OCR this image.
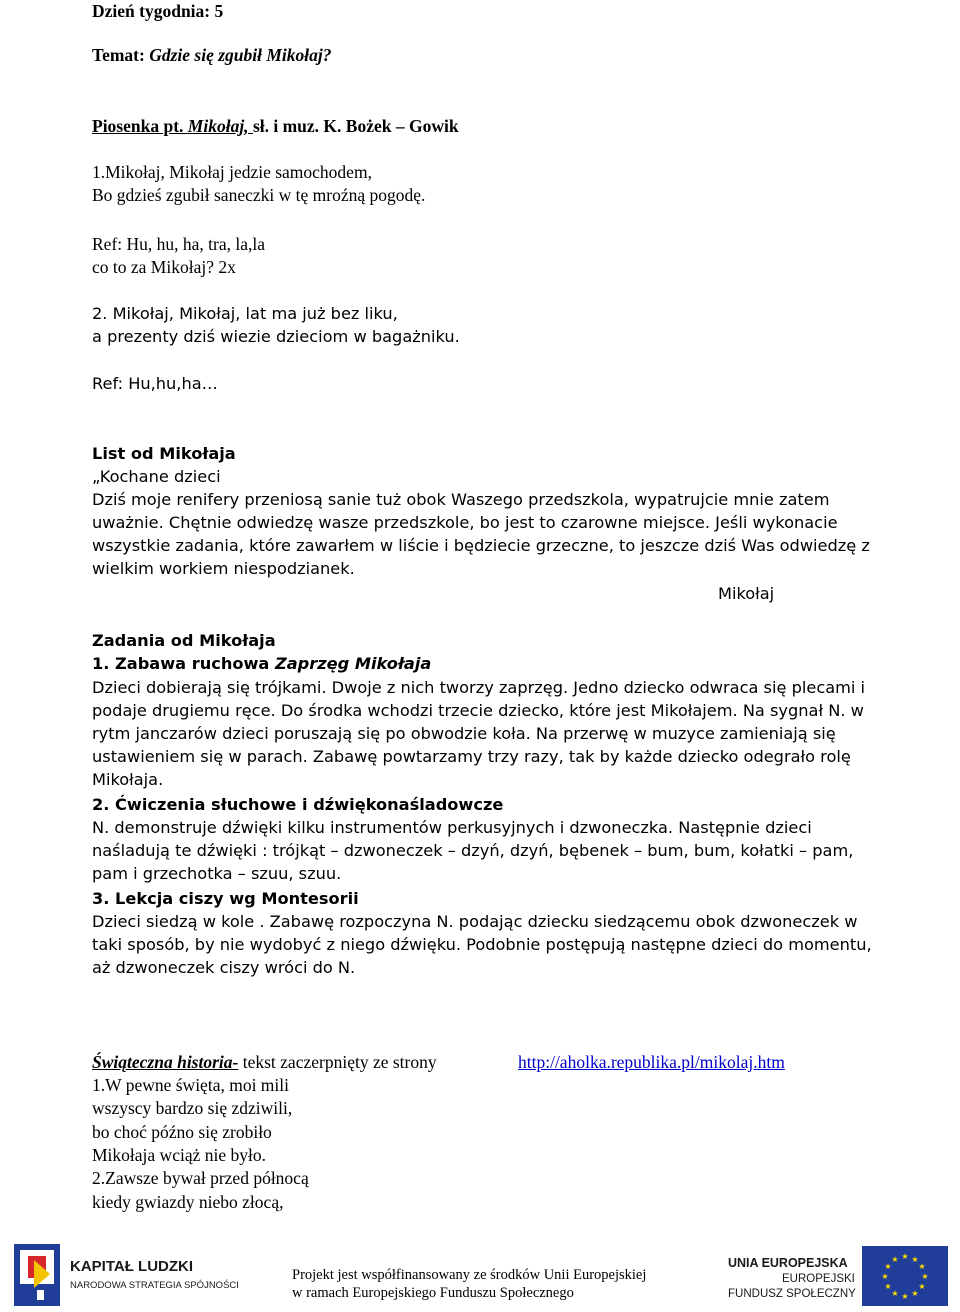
Dzień tygodnia: 5
Temat: Gdzie się zgubił Mikołaj?
Piosenka pt. Mikołaj, sł. i muz. K. Bożek – Gowik
1.Mikołaj, Mikołaj jedzie samochodem,
Bo gdzieś zgubił saneczki w tę mroźną pogodę.
Ref: Hu, hu, ha, tra, la,la
co to za Mikołaj? 2x
2. Mikołaj, Mikołaj, lat ma już bez liku,
a prezenty dziś wiezie dzieciom w bagażniku.
Ref: Hu,hu,ha…
List od Mikołaja
„Kochane dzieci
Dziś moje renifery przeniosą sanie tuż obok Waszego przedszkola, wypatrujcie mnie zatem uważnie. Chętnie odwiedzę wasze przedszkole, bo jest to czarowne miejsce. Jeśli wykonacie wszystkie zadania, które zawarłem w liście i będziecie grzeczne, to jeszcze dziś Was odwiedzę z wielkim workiem niespodzianek.
Mikołaj
Zadania od Mikołaja
1. Zabawa ruchowa Zaprzęg Mikołaja
Dzieci dobierają się trójkami. Dwoje z nich tworzy zaprzęg. Jedno dziecko odwraca się plecami i podaje drugiemu ręce. Do środka wchodzi trzecie dziecko, które jest Mikołajem. Na sygnał N. w rytm janczarów dzieci poruszają się po obwodzie koła. Na przerwę w muzyce zamieniają się ustawieniem się w parach. Zabawę powtarzamy trzy razy, tak by każde dziecko odegrało rolę Mikołaja.
2. Ćwiczenia słuchowe i dźwiękonaśladowcze
N. demonstruje dźwięki kilku instrumentów perkusyjnych i dzwoneczka. Następnie dzieci naśladują te dźwięki : trójkąt – dzwoneczek – dzyń, dzyń, bębenek – bum, bum, kołatki – pam, pam i grzechotka – szuu, szuu.
3. Lekcja ciszy wg Montesorii
Dzieci siedzą w kole . Zabawę rozpoczyna N. podając dziecku siedzącemu obok dzwoneczek w taki sposób, by nie wydobyć z niego dźwięku. Podobnie postępują następne dzieci do momentu, aż dzwoneczek ciszy wróci do N.
Świąteczna historia- tekst zaczerpnięty ze strony	http://aholka.republika.pl/mikolaj.htm
1.W pewne święta, moi mili
wszyscy bardzo się zdziwili,
bo choć późno się zrobiło
Mikołaja wciąż nie było.
2.Zawsze bywał przed północą
kiedy gwiazdy niebo złocą,
KAPITAŁ LUDZKI
NARODOWA STRATEGIA SPÓJNOŚCI
Projekt jest współfinansowany ze środków Unii Europejskiej
w ramach Europejskiego Funduszu Społecznego
UNIA EUROPEJSKA
EUROPEJSKI
FUNDUSZ SPOŁECZNY
★ ★
★
★
★
★
★
★
★
★
★
★
